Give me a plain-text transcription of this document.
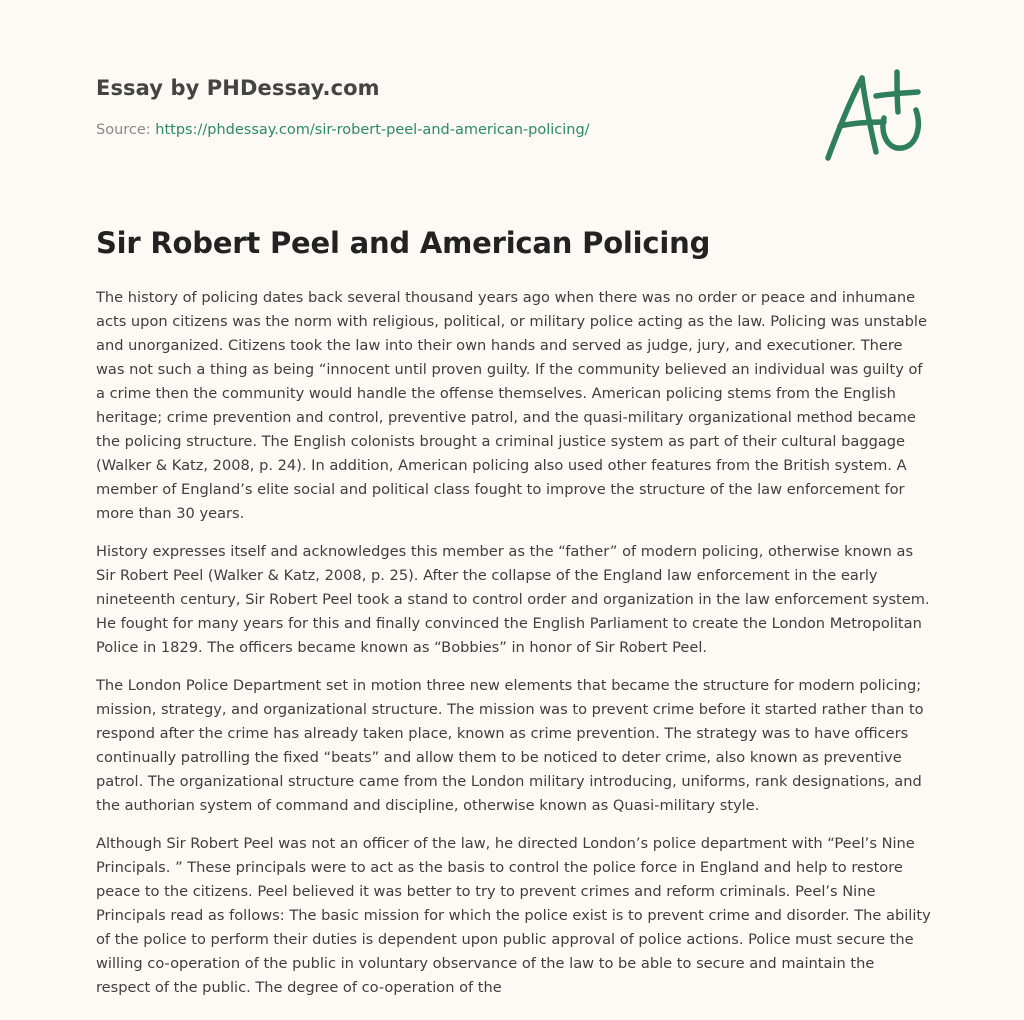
Essay by PHDessay.com
Source: https://phdessay.com/sir-robert-peel-and-american-policing/
Sir Robert Peel and American Policing

The history of policing dates back several thousand years ago when there was no order or peace and inhumane acts upon citizens was the norm with religious, political, or military police acting as the law. Policing was unstable and unorganized. Citizens took the law into their own hands and served as judge, jury, and executioner. There was not such a thing as being “innocent until proven guilty. If the community believed an individual was guilty of a crime then the community would handle the offense themselves. American policing stems from the English heritage; crime prevention and control, preventive patrol, and the quasi-military organizational method became the policing structure. The English colonists brought a criminal justice system as part of their cultural baggage (Walker & Katz, 2008, p. 24). In addition, American policing also used other features from the British system. A member of England’s elite social and political class fought to improve the structure of the law enforcement for more than 30 years.

History expresses itself and acknowledges this member as the “father” of modern policing, otherwise known as Sir Robert Peel (Walker & Katz, 2008, p. 25). After the collapse of the England law enforcement in the early nineteenth century, Sir Robert Peel took a stand to control order and organization in the law enforcement system. He fought for many years for this and finally convinced the English Parliament to create the London Metropolitan Police in 1829. The officers became known as “Bobbies” in honor of Sir Robert Peel.

The London Police Department set in motion three new elements that became the structure for modern policing; mission, strategy, and organizational structure. The mission was to prevent crime before it started rather than to respond after the crime has already taken place, known as crime prevention. The strategy was to have officers continually patrolling the fixed “beats” and allow them to be noticed to deter crime, also known as preventive patrol. The organizational structure came from the London military introducing, uniforms, rank designations, and the authorian system of command and discipline, otherwise known as Quasi-military style.

Although Sir Robert Peel was not an officer of the law, he directed London’s police department with “Peel’s Nine Principals. ” These principals were to act as the basis to control the police force in England and help to restore peace to the citizens. Peel believed it was better to try to prevent crimes and reform criminals. Peel’s Nine Principals read as follows: The basic mission for which the police exist is to prevent crime and disorder. The ability of the police to perform their duties is dependent upon public approval of police actions. Police must secure the willing co-operation of the public in voluntary observance of the law to be able to secure and maintain the respect of the public. The degree of co-operation of the
